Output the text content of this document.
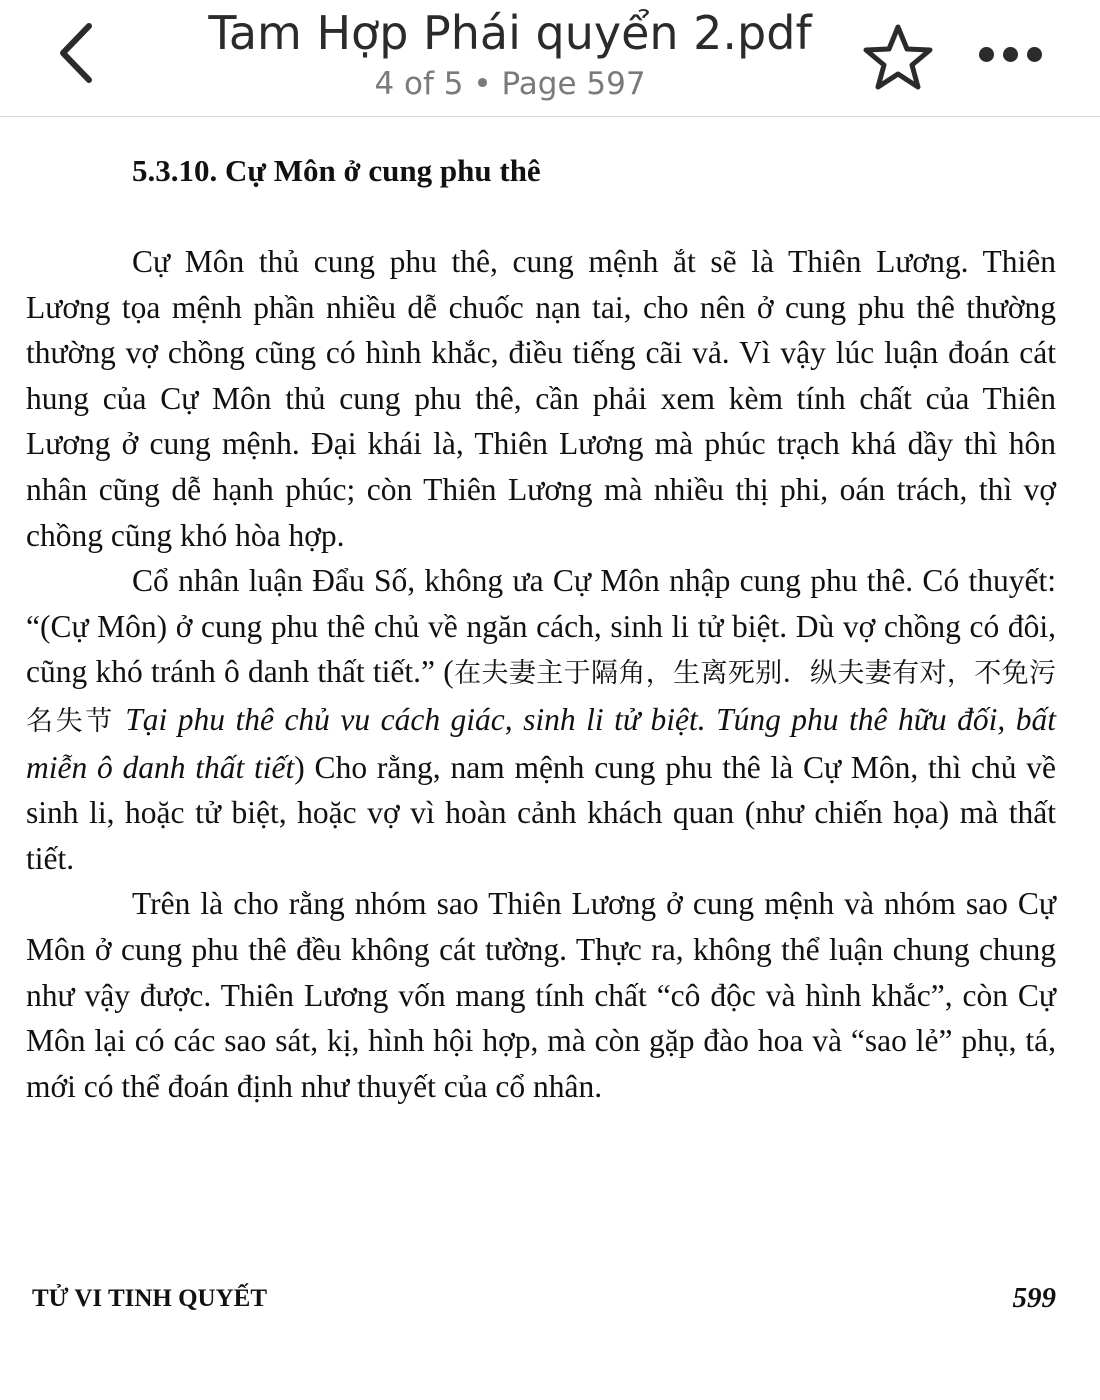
Tam Hợp Phái quyển 2.pdf
4 of 5 • Page 597
5.3.10. Cự Môn ở cung phu thê

Cự Môn thủ cung phu thê, cung mệnh ắt sẽ là Thiên Lương. Thiên Lương tọa mệnh phần nhiều dễ chuốc nạn tai, cho nên ở cung phu thê thường thường vợ chồng cũng có hình khắc, điều tiếng cãi vả. Vì vậy lúc luận đoán cát hung của Cự Môn thủ cung phu thê, cần phải xem kèm tính chất của Thiên Lương ở cung mệnh. Đại khái là, Thiên Lương mà phúc trạch khá dầy thì hôn nhân cũng dễ hạnh phúc; còn Thiên Lương mà nhiều thị phi, oán trách, thì vợ chồng cũng khó hòa hợp.

Cổ nhân luận Đẩu Số, không ưa Cự Môn nhập cung phu thê. Có thuyết: “(Cự Môn) ở cung phu thê chủ về ngăn cách, sinh li tử biệt. Dù vợ chồng có đôi, cũng khó tránh ô danh thất tiết.” (在夫妻主于隔角，生离死别．纵夫妻有对，不免污名失节 Tại phu thê chủ vu cách giác, sinh li tử biệt. Túng phu thê hữu đối, bất miễn ô danh thất tiết) Cho rằng, nam mệnh cung phu thê là Cự Môn, thì chủ về sinh li, hoặc tử biệt, hoặc vợ vì hoàn cảnh khách quan (như chiến họa) mà thất tiết.

Trên là cho rằng nhóm sao Thiên Lương ở cung mệnh và nhóm sao Cự Môn ở cung phu thê đều không cát tường. Thực ra, không thể luận chung chung như vậy được. Thiên Lương vốn mang tính chất “cô độc và hình khắc”, còn Cự Môn lại có các sao sát, kị, hình hội hợp, mà còn gặp đào hoa và “sao lẻ” phụ, tá, mới có thể đoán định như thuyết của cổ nhân.

TỬ VI TINH QUYẾT	599
